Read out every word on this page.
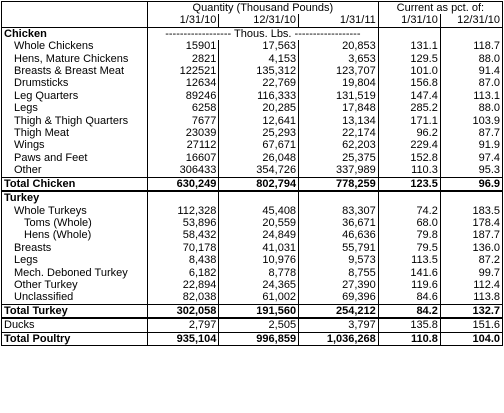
	Quantity (Thousand Pounds)			Current as pct. of:	
	1/31/10	12/31/10	1/31/11	1/31/10	12/31/10
Chicken	------------------ Thous. Lbs. ------------------				
Whole Chickens	15901	17,563	20,853	131.1	118.7
Hens, Mature Chickens	2821	4,153	3,653	129.5	88.0
Breasts & Breast Meat	122521	135,312	123,707	101.0	91.4
Drumsticks	12634	22,769	19,804	156.8	87.0
Leg Quarters	89246	116,333	131,519	147.4	113.1
Legs	6258	20,285	17,848	285.2	88.0
Thigh & Thigh Quarters	7677	12,641	13,134	171.1	103.9
Thigh Meat	23039	25,293	22,174	96.2	87.7
Wings	27112	67,671	62,203	229.4	91.9
Paws and Feet	16607	26,048	25,375	152.8	97.4
Other	306433	354,726	337,989	110.3	95.3
Total Chicken	630,249	802,794	778,259	123.5	96.9
Turkey					
Whole Turkeys	112,328	45,408	83,307	74.2	183.5
Toms (Whole)	53,896	20,559	36,671	68.0	178.4
Hens (Whole)	58,432	24,849	46,636	79.8	187.7
Breasts	70,178	41,031	55,791	79.5	136.0
Legs	8,438	10,976	9,573	113.5	87.2
Mech. Deboned Turkey	6,182	8,778	8,755	141.6	99.7
Other Turkey	22,894	24,365	27,390	119.6	112.4
Unclassified	82,038	61,002	69,396	84.6	113.8
Total Turkey	302,058	191,560	254,212	84.2	132.7
Ducks	2,797	2,505	3,797	135.8	151.6
Total Poultry	935,104	996,859	1,036,268	110.8	104.0
